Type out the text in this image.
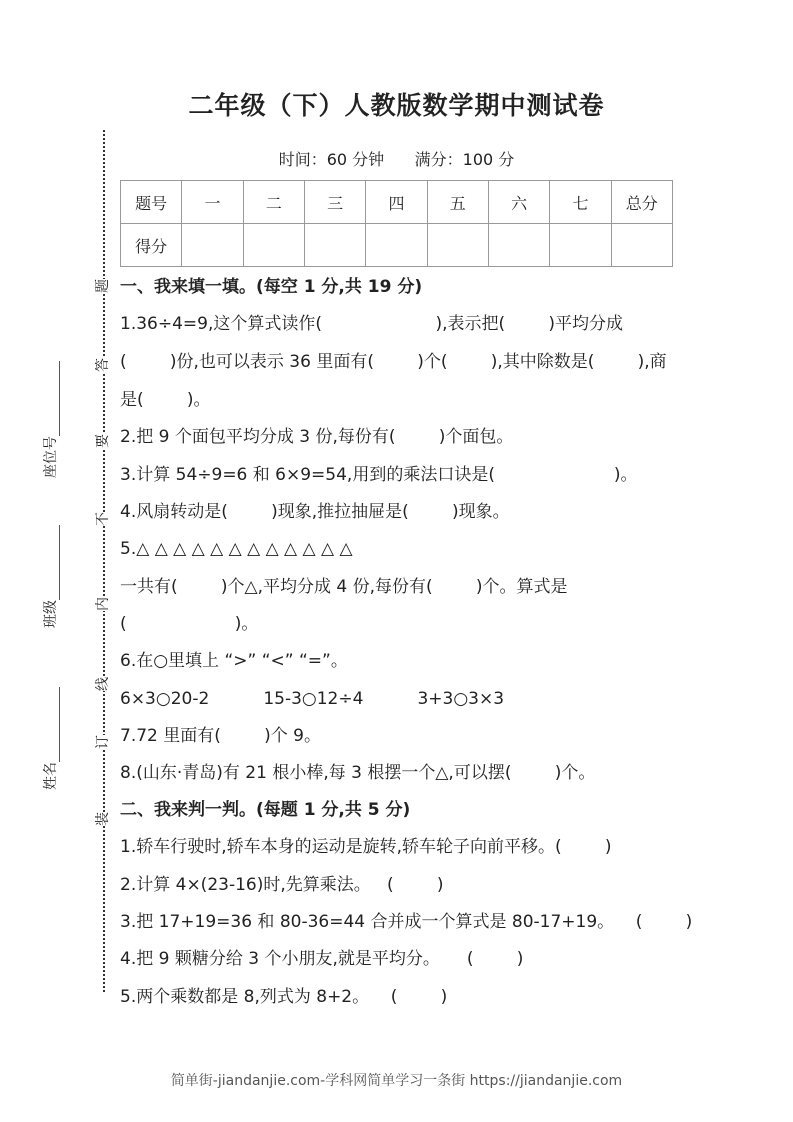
二年级（下）人教版数学期中测试卷
时间：60 分钟      满分：100 分
题号	一	二	三	四	五	六	七	总分
得分								
题
答
要
不
内
线
订
装
座位号
班级
姓名
一、我来填一填。(每空 1 分,共 19 分)
1.36÷4=9,这个算式读作(                     ),表示把(        )平均分成
(        )份,也可以表示 36 里面有(        )个(        ),其中除数是(        ),商
是(        )。
2.把 9 个面包平均分成 3 份,每份有(        )个面包。
3.计算 54÷9=6 和 6×9=54,用到的乘法口诀是(                      )。
4.风扇转动是(        )现象,推拉抽屉是(        )现象。
5.△ △ △ △ △ △ △ △ △ △ △ △
一共有(        )个△,平均分成 4 份,每份有(        )个。算式是
(                    )。
6.在○里填上 “>” “<” “=”。
6×3○20-2          15-3○12÷4          3+3○3×3
7.72 里面有(        )个 9。
8.(山东·青岛)有 21 根小棒,每 3 根摆一个△,可以摆(        )个。
二、我来判一判。(每题 1 分,共 5 分)
1.轿车行驶时,轿车本身的运动是旋转,轿车轮子向前平移。(        )
2.计算 4×(23-16)时,先算乘法。   (        )
3.把 17+19=36 和 80-36=44 合并成一个算式是 80-17+19。    (        )
4.把 9 颗糖分给 3 个小朋友,就是平均分。     (        )
5.两个乘数都是 8,列式为 8+2。    (        )
简单街-jiandanjie.com-学科网简单学习一条街 https://jiandanjie.com
